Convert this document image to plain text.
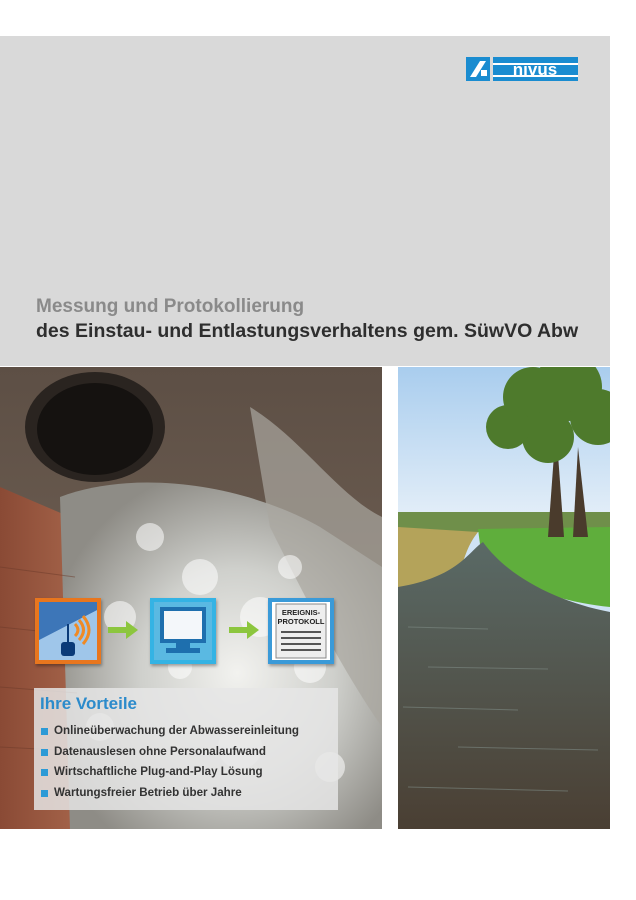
nivus
Messung und Protokollierung
des Einstau- und Entlastungsverhaltens gem. SüwVO Abw
EREIGNIS-
PROTOKOLL
Ihre Vorteile
Onlineüberwachung der Abwassereinleitung
Datenauslesen ohne Personalaufwand
Wirtschaftliche Plug-and-Play Lösung
Wartungsfreier Betrieb über Jahre
